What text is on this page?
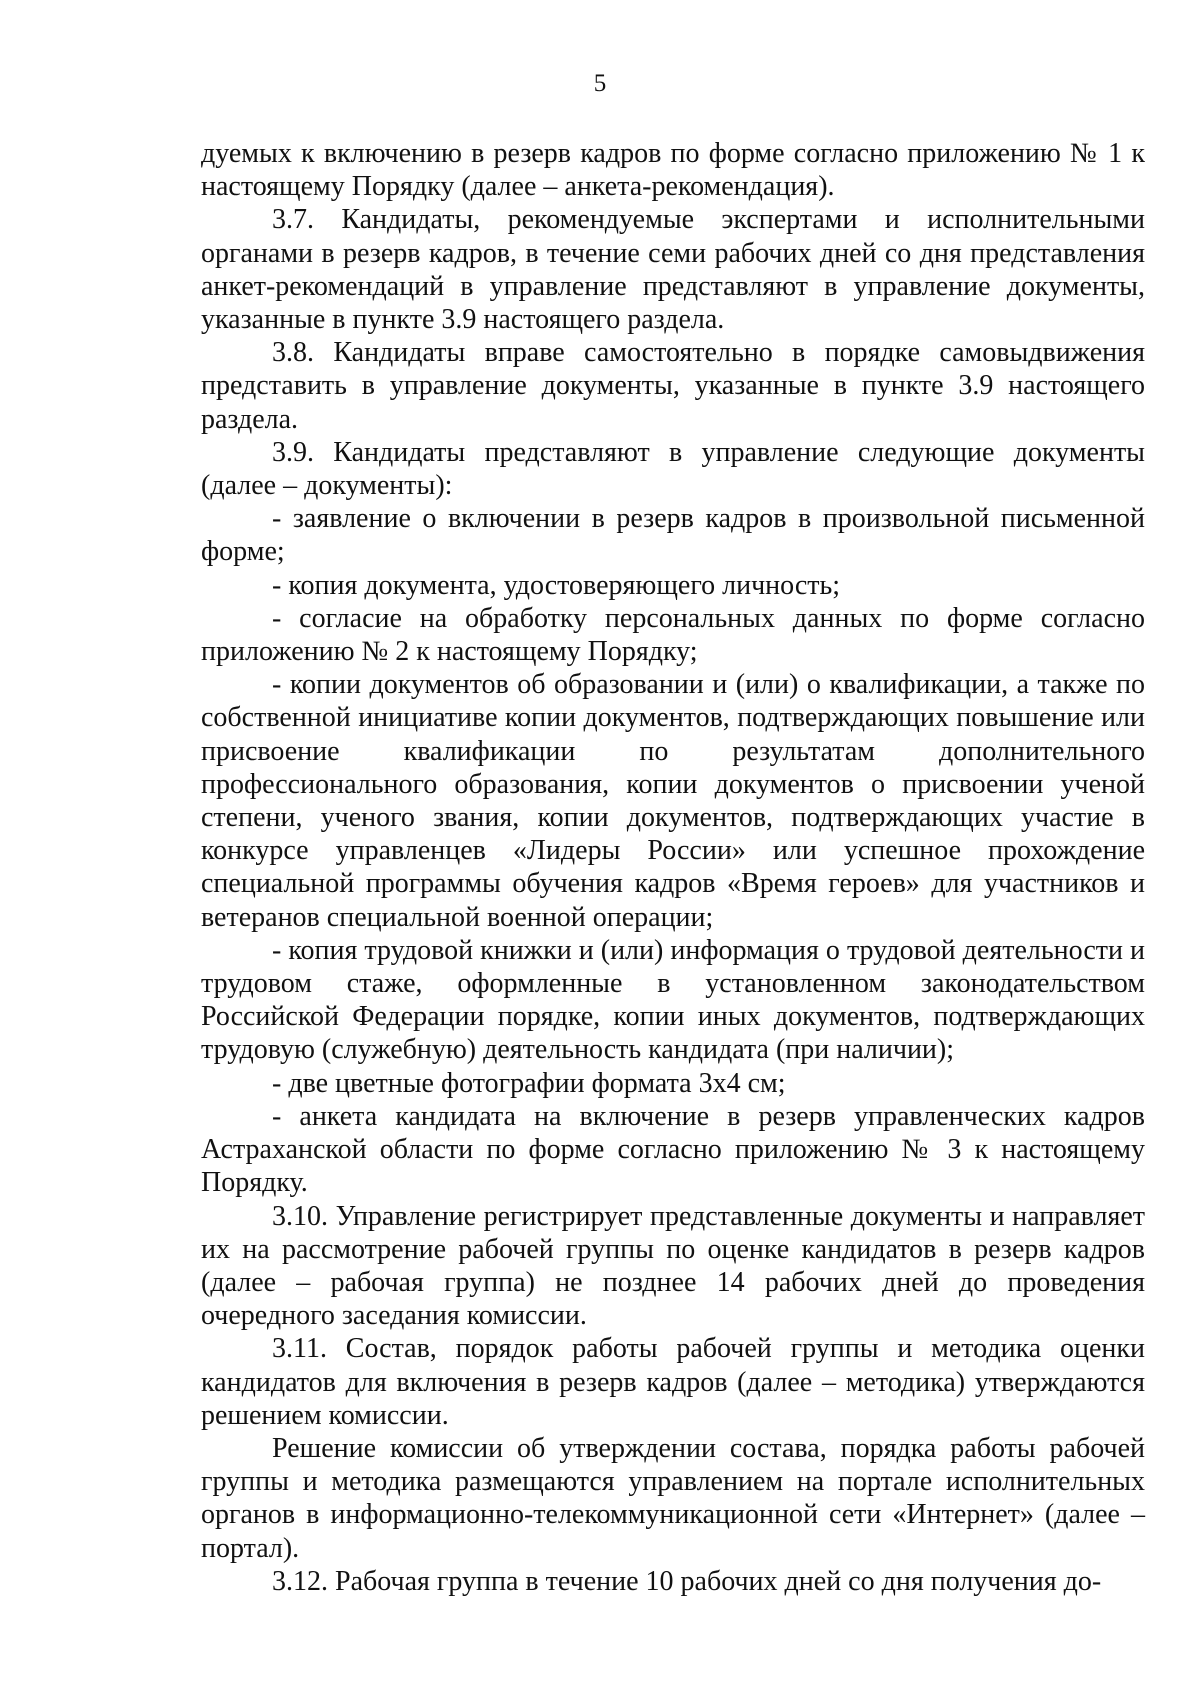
5

дуемых к включению в резерв кадров по форме согласно приложению № 1 к настоящему Порядку (далее – анкета-рекомендация).

3.7. Кандидаты, рекомендуемые экспертами и исполнительными органами в резерв кадров, в течение семи рабочих дней со дня представления анкет-рекомендаций в управление представляют в управление документы, указанные в пункте 3.9 настоящего раздела.

3.8. Кандидаты вправе самостоятельно в порядке самовыдвижения представить в управление документы, указанные в пункте 3.9 настоящего раздела.

3.9. Кандидаты представляют в управление следующие документы (далее – документы):

- заявление о включении в резерв кадров в произвольной письменной форме;

- копия документа, удостоверяющего личность;

- согласие на обработку персональных данных по форме согласно приложению № 2 к настоящему Порядку;

- копии документов об образовании и (или) о квалификации, а также по собственной инициативе копии документов, подтверждающих повышение или присвоение квалификации по результатам дополнительного профессионального образования, копии документов о присвоении ученой степени, ученого звания, копии документов, подтверждающих участие в конкурсе управленцев «Лидеры России» или успешное прохождение специальной программы обучения кадров «Время героев» для участников и ветеранов специальной военной операции;

- копия трудовой книжки и (или) информация о трудовой деятельности и трудовом стаже, оформленные в установленном законодательством Российской Федерации порядке, копии иных документов, подтверждающих трудовую (служебную) деятельность кандидата (при наличии);

- две цветные фотографии формата 3х4 см;

- анкета кандидата на включение в резерв управленческих кадров Астраханской области по форме согласно приложению № 3 к настоящему Порядку.

3.10. Управление регистрирует представленные документы и направляет их на рассмотрение рабочей группы по оценке кандидатов в резерв кадров (далее – рабочая группа) не позднее 14 рабочих дней до проведения очередного заседания комиссии.

3.11. Состав, порядок работы рабочей группы и методика оценки кандидатов для включения в резерв кадров (далее – методика) утверждаются решением комиссии.

Решение комиссии об утверждении состава, порядка работы рабочей группы и методика размещаются управлением на портале исполнительных органов в информационно-телекоммуникационной сети «Интернет» (далее – портал).

3.12. Рабочая группа в течение 10 рабочих дней со дня получения до-
